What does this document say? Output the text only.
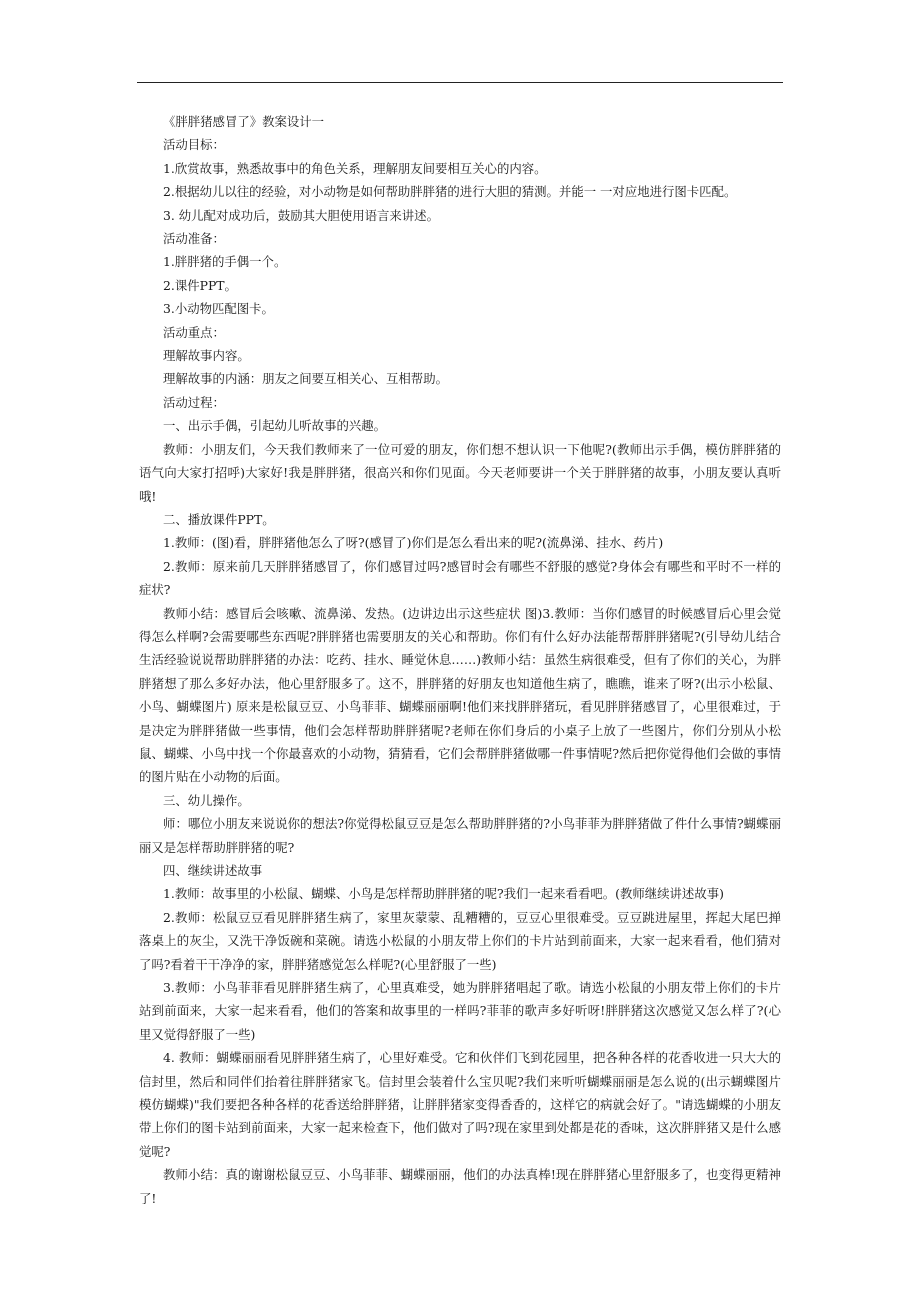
《胖胖猪感冒了》教案设计一

活动目标：

1.欣赏故事，熟悉故事中的角色关系，理解朋友间要相互关心的内容。

2.根据幼儿以往的经验，对小动物是如何帮助胖胖猪的进行大胆的猜测。并能一 一对应地进行图卡匹配。

3. 幼儿配对成功后，鼓励其大胆使用语言来讲述。

活动准备：

1.胖胖猪的手偶一个。

2.课件PPT。

3.小动物匹配图卡。

活动重点：

理解故事内容。

理解故事的内涵：朋友之间要互相关心、互相帮助。

活动过程：

一、出示手偶，引起幼儿听故事的兴趣。

教师：小朋友们，今天我们教师来了一位可爱的朋友，你们想不想认识一下他呢?(教师出示手偶，模仿胖胖猪的语气向大家打招呼)大家好!我是胖胖猪，很高兴和你们见面。今天老师要讲一个关于胖胖猪的故事，小朋友要认真听哦!

二、播放课件PPT。

1.教师：(图)看，胖胖猪他怎么了呀?(感冒了)你们是怎么看出来的呢?(流鼻涕、挂水、药片)

2.教师：原来前几天胖胖猪感冒了，你们感冒过吗?感冒时会有哪些不舒服的感觉?身体会有哪些和平时不一样的症状?

教师小结：感冒后会咳嗽、流鼻涕、发热。(边讲边出示这些症状 图)3.教师：当你们感冒的时候感冒后心里会觉得怎么样啊?会需要哪些东西呢?胖胖猪也需要朋友的关心和帮助。你们有什么好办法能帮帮胖胖猪呢?(引导幼儿结合生活经验说说帮助胖胖猪的办法：吃药、挂水、睡觉休息……)教师小结：虽然生病很难受，但有了你们的关心，为胖胖猪想了那么多好办法，他心里舒服多了。这不，胖胖猪的好朋友也知道他生病了，瞧瞧，谁来了呀?(出示小松鼠、小鸟、蝴蝶图片) 原来是松鼠豆豆、小鸟菲菲、蝴蝶丽丽啊!他们来找胖胖猪玩，看见胖胖猪感冒了，心里很难过，于是决定为胖胖猪做一些事情，他们会怎样帮助胖胖猪呢?老师在你们身后的小桌子上放了一些图片，你们分别从小松鼠、蝴蝶、小鸟中找一个你最喜欢的小动物，猜猜看，它们会帮胖胖猪做哪一件事情呢?然后把你觉得他们会做的事情的图片贴在小动物的后面。

三、幼儿操作。

师：哪位小朋友来说说你的想法?你觉得松鼠豆豆是怎么帮助胖胖猪的?小鸟菲菲为胖胖猪做了件什么事情?蝴蝶丽丽又是怎样帮助胖胖猪的呢?

四、继续讲述故事

1.教师：故事里的小松鼠、蝴蝶、小鸟是怎样帮助胖胖猪的呢?我们一起来看看吧。(教师继续讲述故事)

2.教师：松鼠豆豆看见胖胖猪生病了，家里灰蒙蒙、乱糟糟的，豆豆心里很难受。豆豆跳进屋里，挥起大尾巴掸落桌上的灰尘，又洗干净饭碗和菜碗。请选小松鼠的小朋友带上你们的卡片站到前面来，大家一起来看看，他们猜对了吗?看着干干净净的家，胖胖猪感觉怎么样呢?(心里舒服了一些)

3.教师：小鸟菲菲看见胖胖猪生病了，心里真难受，她为胖胖猪唱起了歌。请选小松鼠的小朋友带上你们的卡片站到前面来，大家一起来看看，他们的答案和故事里的一样吗?菲菲的歌声多好听呀!胖胖猪这次感觉又怎么样了?(心里又觉得舒服了一些)

4. 教师：蝴蝶丽丽看见胖胖猪生病了，心里好难受。它和伙伴们飞到花园里，把各种各样的花香收进一只大大的信封里，然后和同伴们抬着往胖胖猪家飞。信封里会装着什么宝贝呢?我们来听听蝴蝶丽丽是怎么说的(出示蝴蝶图片模仿蝴蝶)"我们要把各种各样的花香送给胖胖猪，让胖胖猪家变得香香的，这样它的病就会好了。"请选蝴蝶的小朋友带上你们的图卡站到前面来，大家一起来检查下，他们做对了吗?现在家里到处都是花的香味，这次胖胖猪又是什么感觉呢?

教师小结：真的谢谢松鼠豆豆、小鸟菲菲、蝴蝶丽丽，他们的办法真棒!现在胖胖猪心里舒服多了，也变得更精神了!
